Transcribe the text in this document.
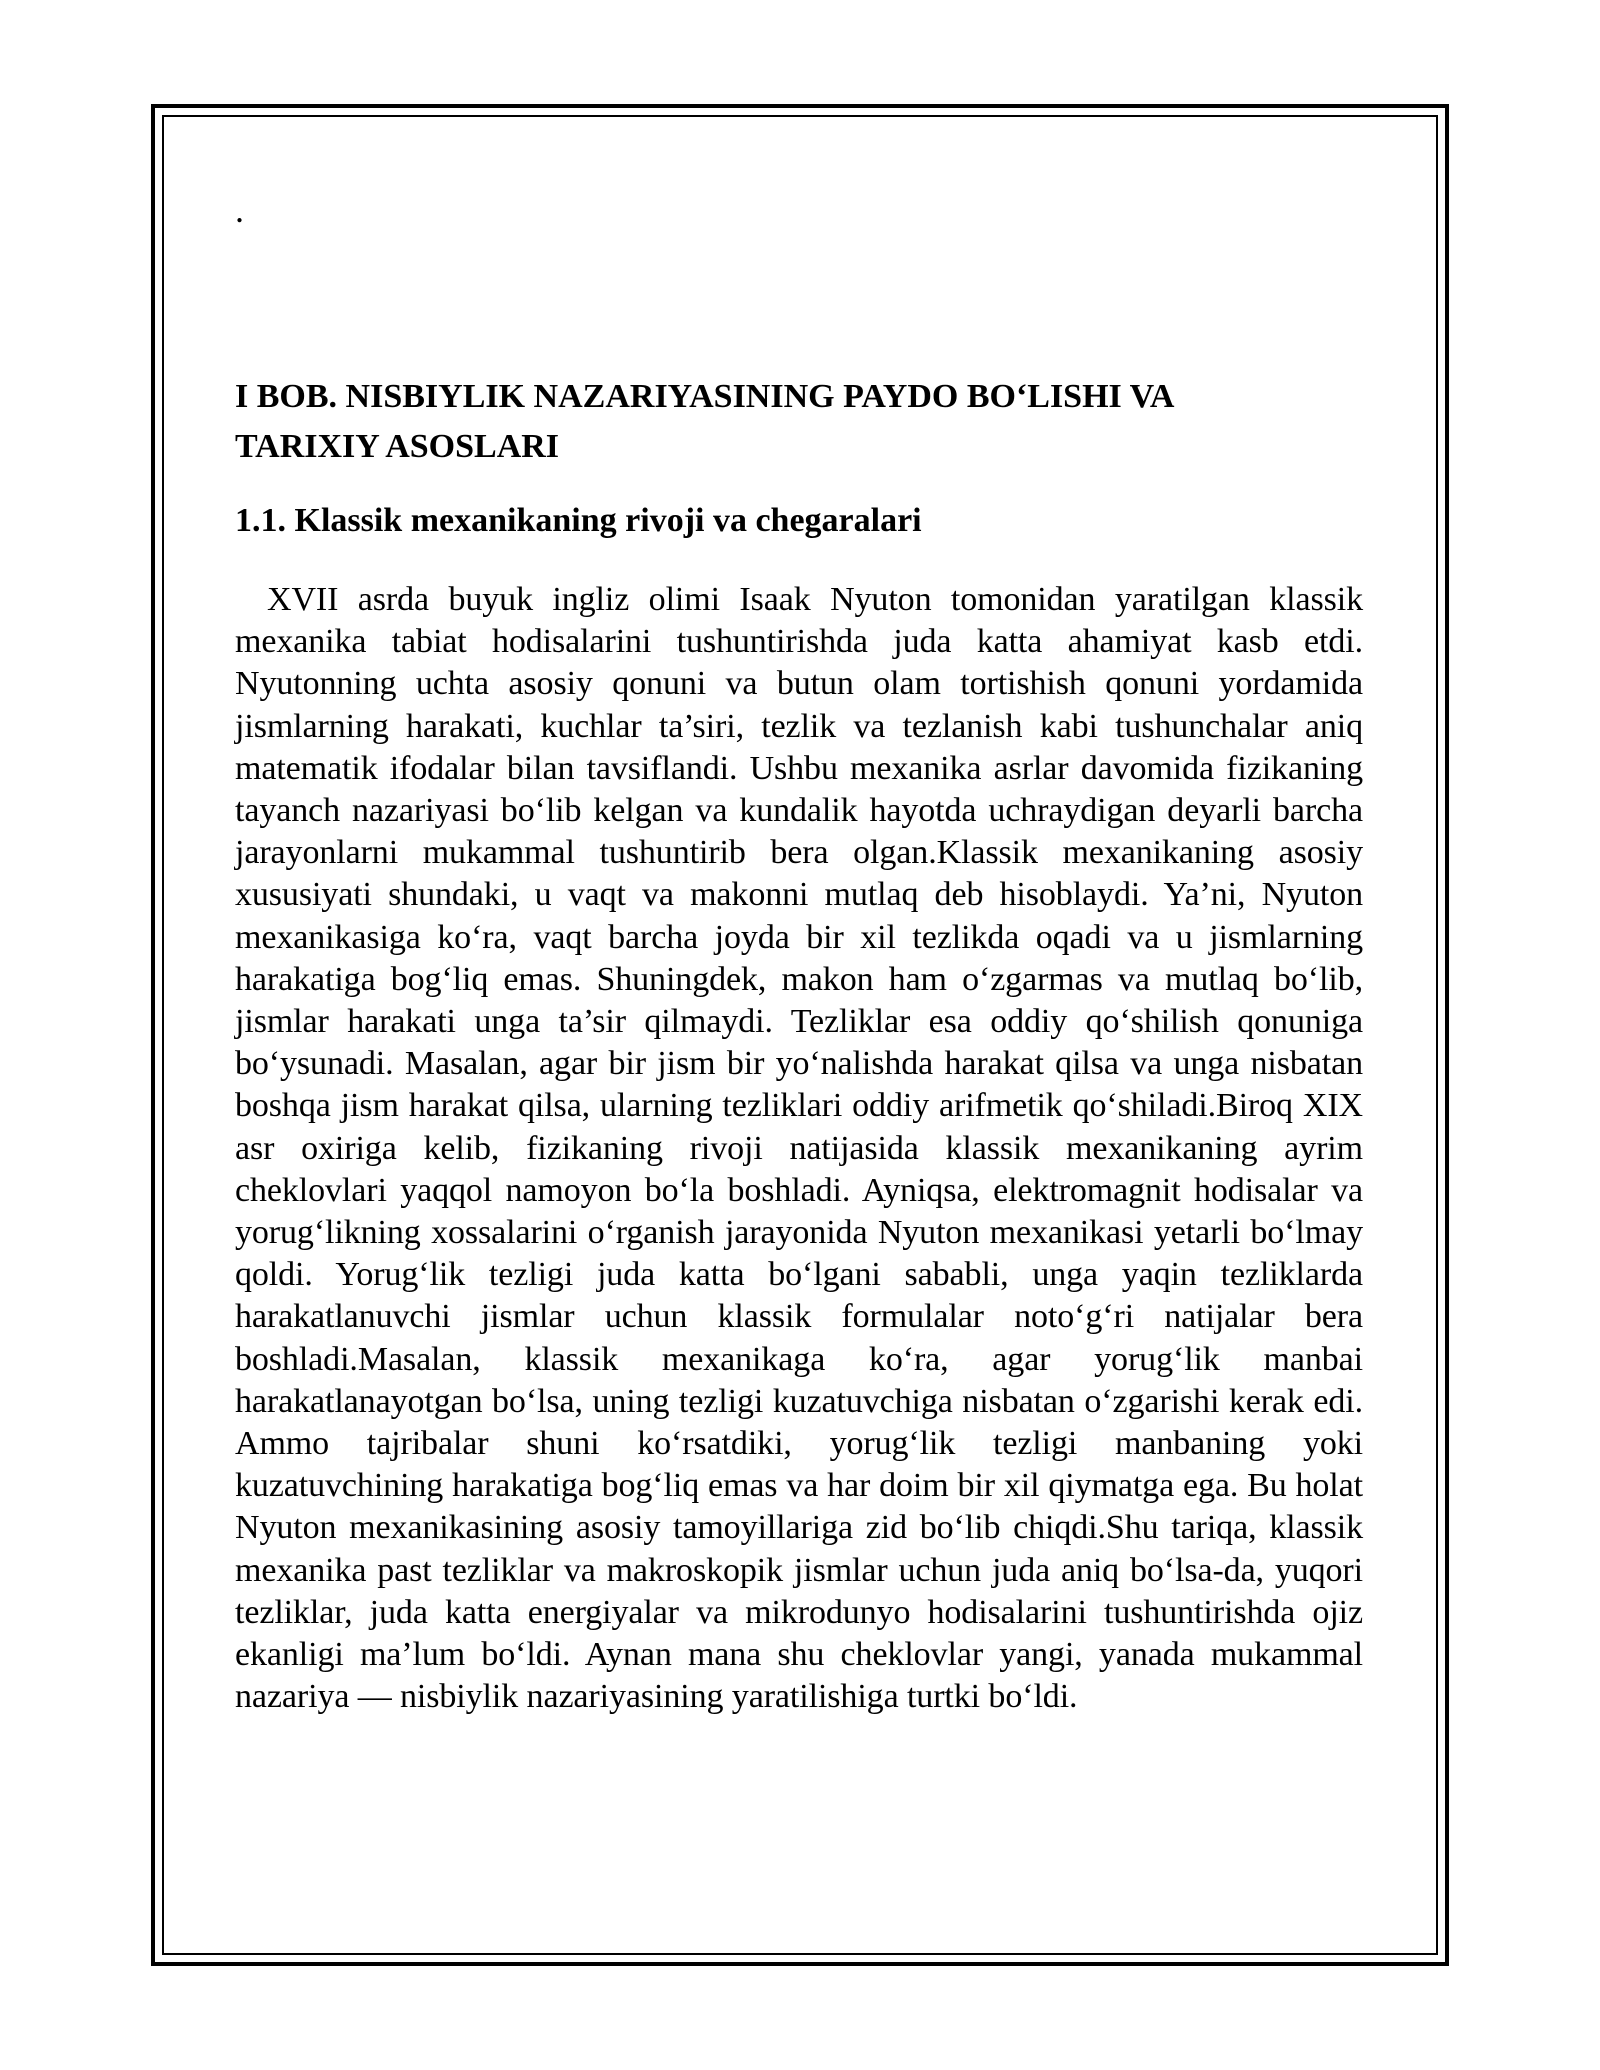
.

I BOB. NISBIYLIK NAZARIYASINING PAYDO BOʻLISHI VA
TARIXIY ASOSLARI
1.1. Klassik mexanikaning rivoji va chegaralari

XVII asrda buyuk ingliz olimi Isaak Nyuton tomonidan yaratilgan klassik mexanika tabiat hodisalarini tushuntirishda juda katta ahamiyat kasb etdi. Nyutonning uchta asosiy qonuni va butun olam tortishish qonuni yordamida jismlarning harakati, kuchlar ta’siri, tezlik va tezlanish kabi tushunchalar aniq matematik ifodalar bilan tavsiflandi. Ushbu mexanika asrlar davomida fizikaning tayanch nazariyasi boʻlib kelgan va kundalik hayotda uchraydigan deyarli barcha jarayonlarni mukammal tushuntirib bera olgan.Klassik mexanikaning asosiy xususiyati shundaki, u vaqt va makonni mutlaq deb hisoblaydi. Ya’ni, Nyuton mexanikasiga koʻra, vaqt barcha joyda bir xil tezlikda oqadi va u jismlarning harakatiga bogʻliq emas. Shuningdek, makon ham oʻzgarmas va mutlaq boʻlib, jismlar harakati unga ta’sir qilmaydi. Tezliklar esa oddiy qoʻshilish qonuniga boʻysunadi. Masalan, agar bir jism bir yoʻnalishda harakat qilsa va unga nisbatan boshqa jism harakat qilsa, ularning tezliklari oddiy arifmetik qoʻshiladi.Biroq XIX asr oxiriga kelib, fizikaning rivoji natijasida klassik mexanikaning ayrim cheklovlari yaqqol namoyon boʻla boshladi. Ayniqsa, elektromagnit hodisalar va yorugʻlikning xossalarini oʻrganish jarayonida Nyuton mexanikasi yetarli boʻlmay qoldi. Yorugʻlik tezligi juda katta boʻlgani sababli, unga yaqin tezliklarda harakatlanuvchi jismlar uchun klassik formulalar notoʻgʻri natijalar bera boshladi.Masalan, klassik mexanikaga koʻra, agar yorugʻlik manbai harakatlanayotgan boʻlsa, uning tezligi kuzatuvchiga nisbatan oʻzgarishi kerak edi. Ammo tajribalar shuni koʻrsatdiki, yorugʻlik tezligi manbaning yoki kuzatuvchining harakatiga bogʻliq emas va har doim bir xil qiymatga ega. Bu holat Nyuton mexanikasining asosiy tamoyillariga zid boʻlib chiqdi.Shu tariqa, klassik mexanika past tezliklar va makroskopik jismlar uchun juda aniq boʻlsa-da, yuqori tezliklar, juda katta energiyalar va mikrodunyo hodisalarini tushuntirishda ojiz ekanligi ma’lum boʻldi. Aynan mana shu cheklovlar yangi, yanada mukammal nazariya — nisbiylik nazariyasining yaratilishiga turtki boʻldi.
